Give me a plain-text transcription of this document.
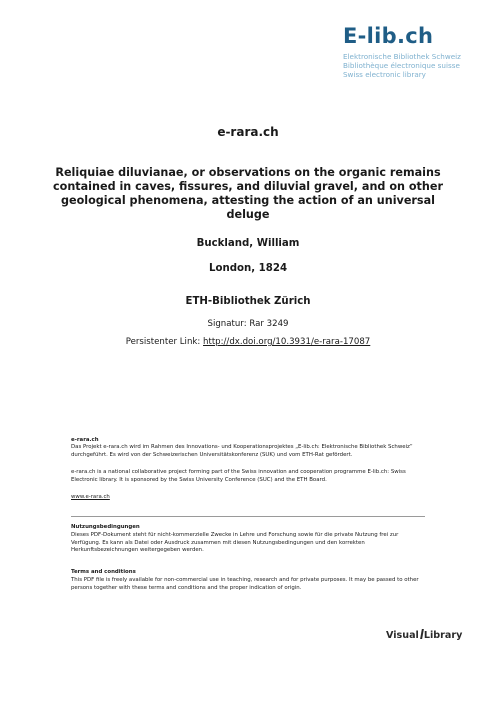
E-lib.ch
Elektronische Bibliothek Schweiz
Bibliothèque électronique suisse
Swiss electronic library
e-rara.ch
Reliquiae diluvianae, or observations on the organic remains contained in caves, fissures, and diluvial gravel, and on other geological phenomena, attesting the action of an universal deluge
Buckland, William
London, 1824
ETH-Bibliothek Zürich
Signatur: Rar 3249
Persistenter Link: http://dx.doi.org/10.3931/e-rara-17087
e-rara.ch
Das Projekt e-rara.ch wird im Rahmen des Innovations- und Kooperationsprojektes „E-lib.ch: Elektronische Bibliothek Schweiz“ durchgeführt. Es wird von der Schweizerischen Universitätskonferenz (SUK) und vom ETH-Rat gefördert.
e-rara.ch is a national collaborative project forming part of the Swiss innovation and cooperation programme E-lib.ch: Swiss Electronic library. It is sponsored by the Swiss University Conference (SUC) and the ETH Board.
www.e-rara.ch
Nutzungsbedingungen
Dieses PDF-Dokument steht für nicht-kommerzielle Zwecke in Lehre und Forschung sowie für die private Nutzung frei zur Verfügung. Es kann als Datei oder Ausdruck zusammen mit diesen Nutzungsbedingungen und den korrekten Herkunftsbezeichnungen weitergegeben werden.
Terms and conditions
This PDF file is freely available for non-commercial use in teaching, research and for private purposes. It may be passed to other persons together with these terms and conditions and the proper indication of origin.
Visual Library
